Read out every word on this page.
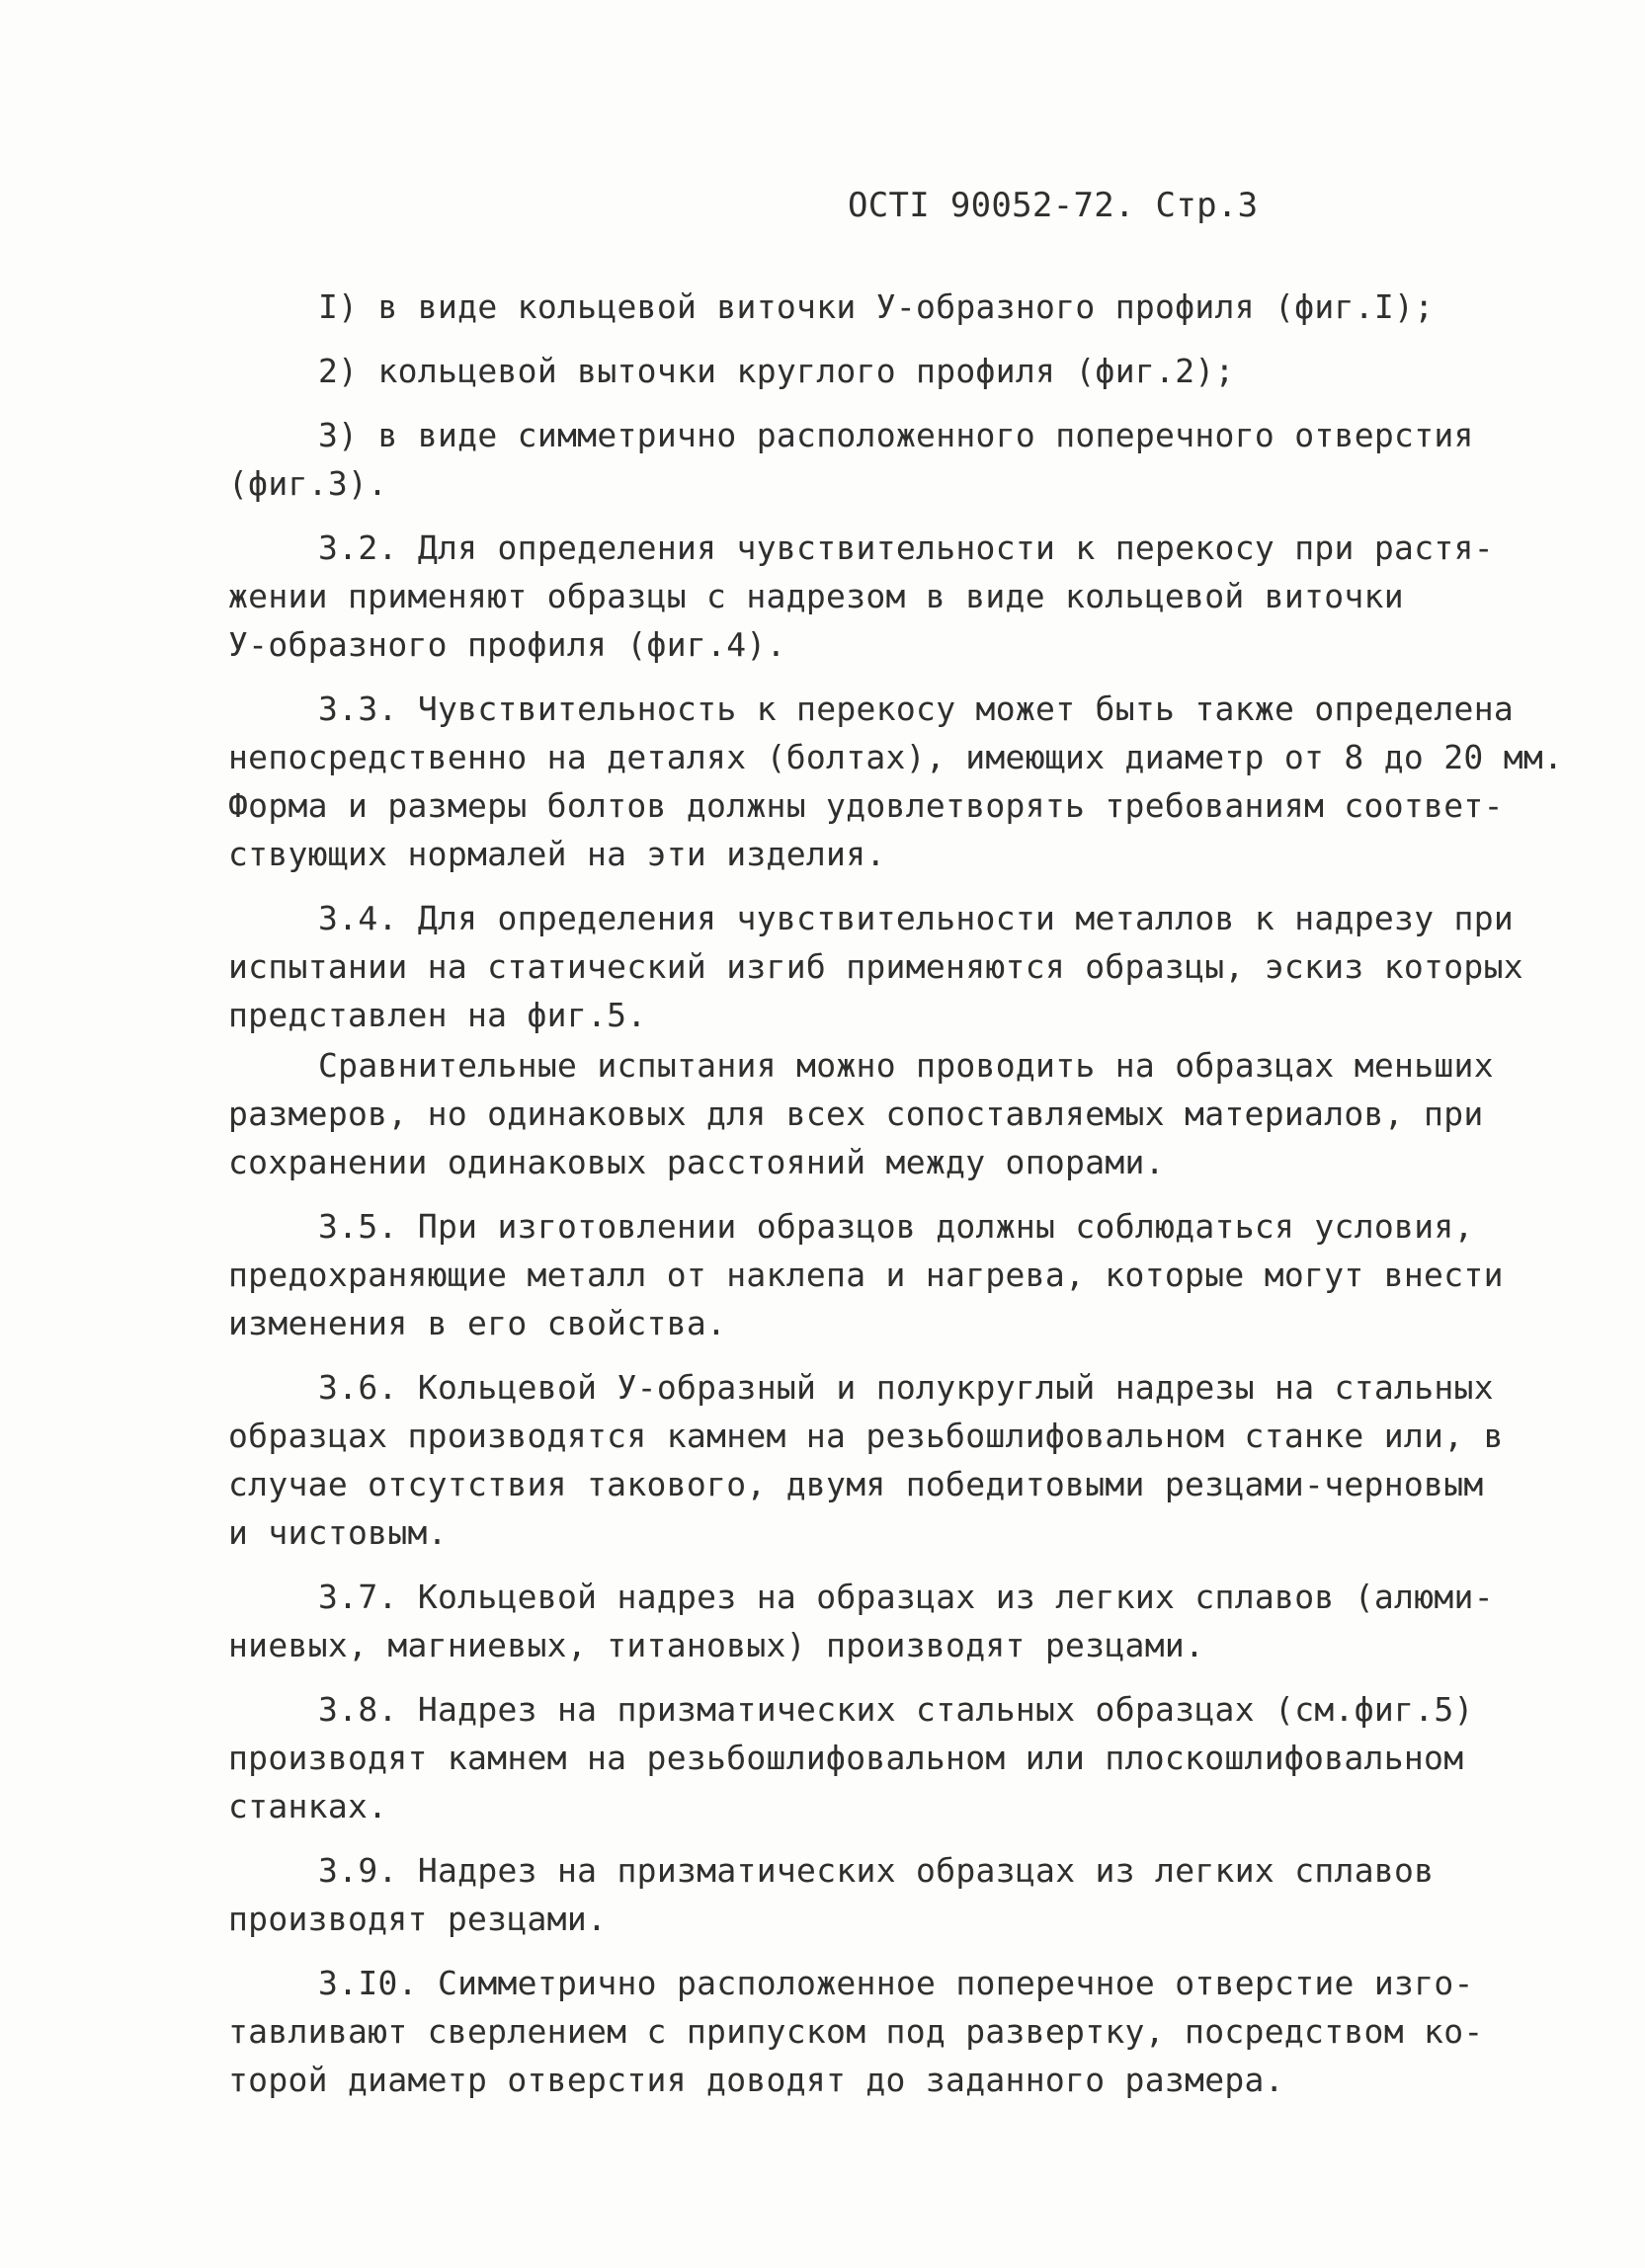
ОСТI 90052-72. Стр.3
I) в виде кольцевой виточки У-образного профиля (фиг.I);
2) кольцевой выточки круглого профиля (фиг.2);
3) в виде симметрично расположенного поперечного отверстия
(фиг.3).
3.2. Для определения чувствительности к перекосу при растя-
жении применяют образцы с надрезом в виде кольцевой виточки
У-образного профиля (фиг.4).
3.3. Чувствительность к перекосу может быть также определена
непосредственно на деталях (болтах), имеющих диаметр от 8 до 20 мм.
Форма и размеры болтов должны удовлетворять требованиям соответ-
ствующих нормалей на эти изделия.
3.4. Для определения чувствительности металлов к надрезу при
испытании на статический изгиб применяются образцы, эскиз которых
представлен на фиг.5.
Сравнительные испытания можно проводить на образцах меньших
размеров, но одинаковых для всех сопоставляемых материалов, при
сохранении одинаковых расстояний между опорами.
3.5. При изготовлении образцов должны соблюдаться условия,
предохраняющие металл от наклепа и нагрева, которые могут внести
изменения в его свойства.
3.6. Кольцевой У-образный и полукруглый надрезы на стальных
образцах производятся камнем на резьбошлифовальном станке или, в
случае отсутствия такового, двумя победитовыми резцами-черновым
и чистовым.
3.7. Кольцевой надрез на образцах из легких сплавов (алюми-
ниевых, магниевых, титановых) производят резцами.
3.8. Надрез на призматических стальных образцах (см.фиг.5)
производят камнем на резьбошлифовальном или плоскошлифовальном
станках.
3.9. Надрез на призматических образцах из легких сплавов
производят резцами.
3.I0. Симметрично расположенное поперечное отверстие изго-
тавливают сверлением с припуском под развертку, посредством ко-
торой диаметр отверстия доводят до заданного размера.
